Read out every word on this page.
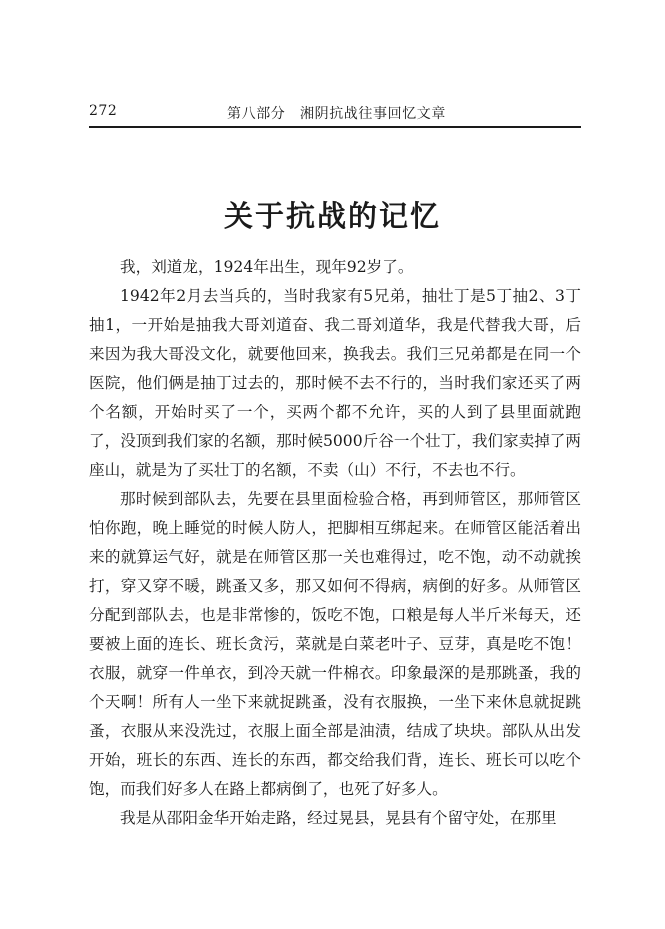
272	第八部分　湘阴抗战往事回忆文章
关于抗战的记忆

我，刘道龙，1924年出生，现年92岁了。

1942年2月去当兵的，当时我家有5兄弟，抽壮丁是5丁抽2、3丁抽1，一开始是抽我大哥刘道奋、我二哥刘道华，我是代替我大哥，后来因为我大哥没文化，就要他回来，换我去。我们三兄弟都是在同一个医院，他们俩是抽丁过去的，那时候不去不行的，当时我们家还买了两个名额，开始时买了一个，买两个都不允许，买的人到了县里面就跑了，没顶到我们家的名额，那时候5000斤谷一个壮丁，我们家卖掉了两座山，就是为了买壮丁的名额，不卖（山）不行，不去也不行。

那时候到部队去，先要在县里面检验合格，再到师管区，那师管区怕你跑，晚上睡觉的时候人防人，把脚相互绑起来。在师管区能活着出来的就算运气好，就是在师管区那一关也难得过，吃不饱，动不动就挨打，穿又穿不暖，跳蚤又多，那又如何不得病，病倒的好多。从师管区分配到部队去，也是非常惨的，饭吃不饱，口粮是每人半斤米每天，还要被上面的连长、班长贪污，菜就是白菜老叶子、豆芽，真是吃不饱！衣服，就穿一件单衣，到冷天就一件棉衣。印象最深的是那跳蚤，我的个天啊！所有人一坐下来就捉跳蚤，没有衣服换，一坐下来休息就捉跳蚤，衣服从来没洗过，衣服上面全部是油渍，结成了块块。部队从出发开始，班长的东西、连长的东西，都交给我们背，连长、班长可以吃个饱，而我们好多人在路上都病倒了，也死了好多人。

我是从邵阳金华开始走路，经过晃县，晃县有个留守处，在那里
